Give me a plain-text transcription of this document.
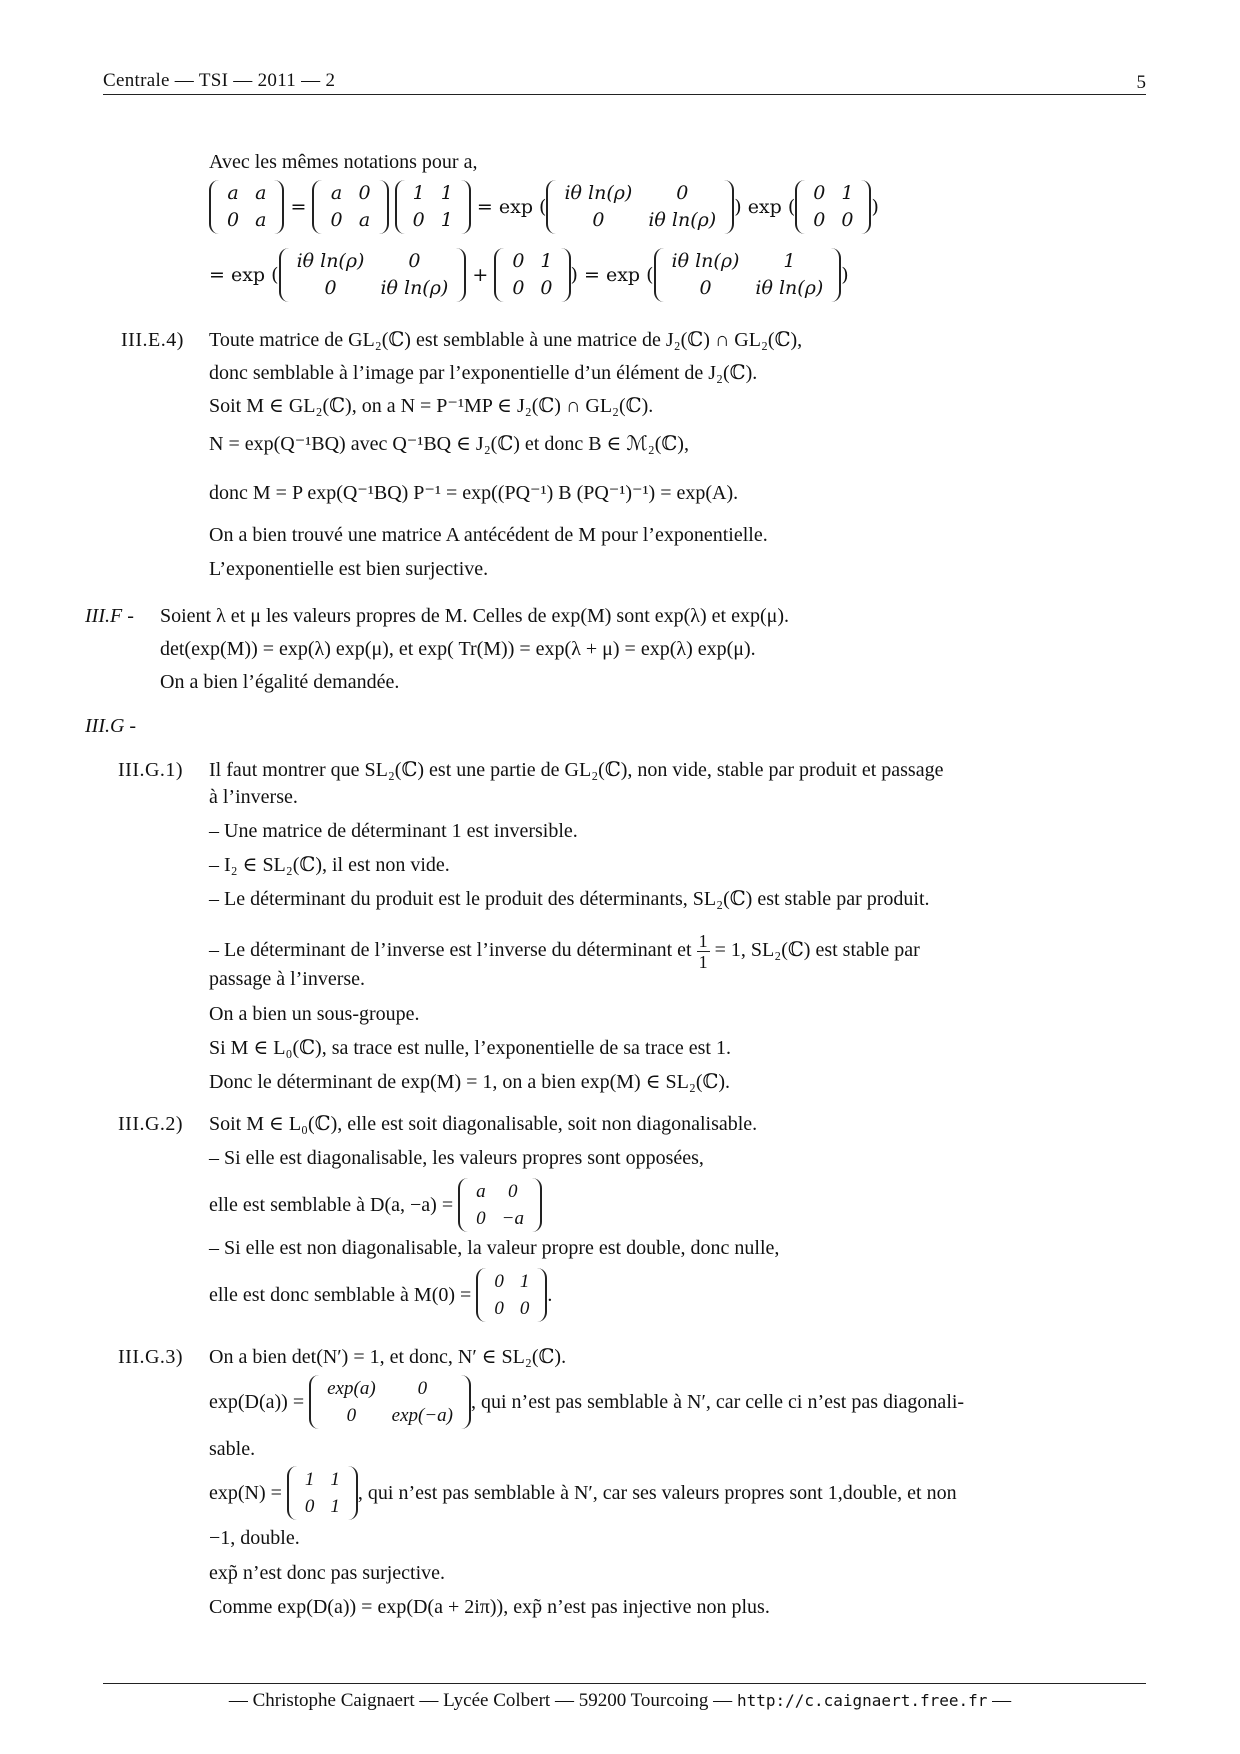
Centrale — TSI — 2011 — 2	5
Avec les mêmes notations pour a,
a	a
0	a
=
a	0
0	a

1	1
0	1
= exp (
iθ ln(ρ)	0
0	iθ ln(ρ)
) exp (
0	1
0	0
)
= exp (
iθ ln(ρ)	0
0	iθ ln(ρ)
+
0	1
0	0
) = exp (
iθ ln(ρ)	1
0	iθ ln(ρ)
)
III.E.4) Toute matrice de GL₂(ℂ) est semblable à une matrice de J₂(ℂ) ∩ GL₂(ℂ),
donc semblable à l’image par l’exponentielle d’un élément de J₂(ℂ).
Soit M ∈ GL₂(ℂ), on a N = P⁻¹MP ∈ J₂(ℂ) ∩ GL₂(ℂ).
N = exp(Q⁻¹BQ) avec Q⁻¹BQ ∈ J₂(ℂ) et donc B ∈ ℳ₂(ℂ),
donc M = P exp(Q⁻¹BQ) P⁻¹ = exp((PQ⁻¹) B (PQ⁻¹)⁻¹) = exp(A).
On a bien trouvé une matrice A antécédent de M pour l’exponentielle.
L’exponentielle est bien surjective.
III.F - Soient λ et μ les valeurs propres de M. Celles de exp(M) sont exp(λ) et exp(μ).
det(exp(M)) = exp(λ) exp(μ), et exp( Tr(M)) = exp(λ + μ) = exp(λ) exp(μ).
On a bien l’égalité demandée.
III.G -
III.G.1) Il faut montrer que SL₂(ℂ) est une partie de GL₂(ℂ), non vide, stable par produit et passage
à l’inverse.
– Une matrice de déterminant 1 est inversible.
– I₂ ∈ SL₂(ℂ), il est non vide.
– Le déterminant du produit est le produit des déterminants, SL₂(ℂ) est stable par produit.
– Le déterminant de l’inverse est l’inverse du déterminant et $\frac{1}{1} = 1$, SL₂(ℂ) est stable par
passage à l’inverse.
On a bien un sous-groupe.
Si M ∈ L₀(ℂ), sa trace est nulle, l’exponentielle de sa trace est 1.
Donc le déterminant de exp(M) = 1, on a bien exp(M) ∈ SL₂(ℂ).
III.G.2) Soit M ∈ L₀(ℂ), elle est soit diagonalisable, soit non diagonalisable.
– Si elle est diagonalisable, les valeurs propres sont opposées,
elle est semblable à D(a, −a) =
a	0
0	−a
– Si elle est non diagonalisable, la valeur propre est double, donc nulle,
elle est donc semblable à M(0) =
0	1
0	0
.
III.G.3) On a bien det(N′) = 1, et donc, N′ ∈ SL₂(ℂ).
exp(D(a)) =
exp(a)	0
0	exp(−a)
, qui n’est pas semblable à N′, car celle ci n’est pas diagonali-
sable.
exp(N) =
1	1
0	1
, qui n’est pas semblable à N′, car ses valeurs propres sont 1,double, et non
−1, double.
exp̃ n’est donc pas surjective.
Comme exp(D(a)) = exp(D(a + 2iπ)), exp̃ n’est pas injective non plus.
— Christophe Caignaert — Lycée Colbert — 59200 Tourcoing — http://c.caignaert.free.fr —
